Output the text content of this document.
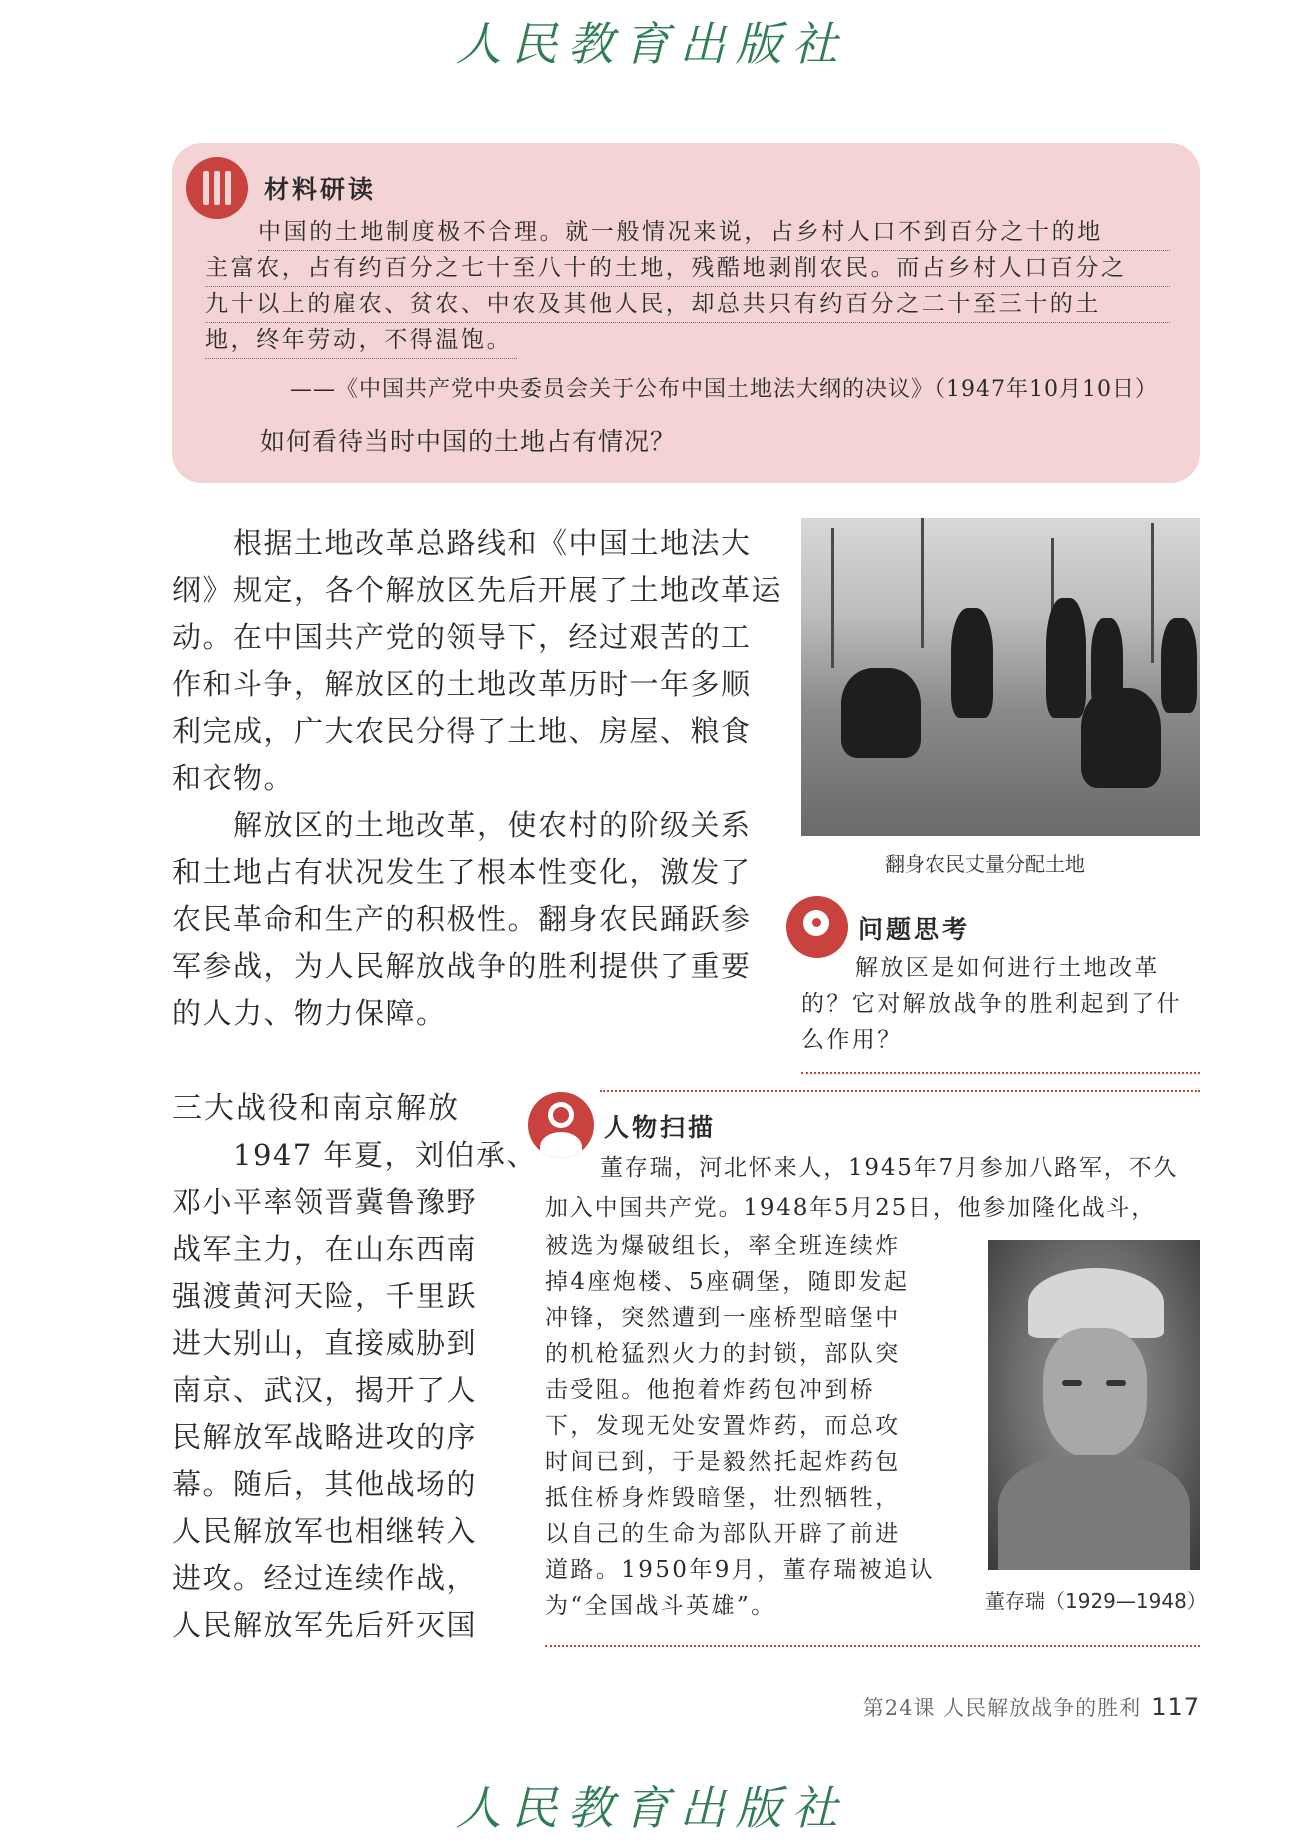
人民教育出版社
材料研读
中国的土地制度极不合理。就一般情况来说，占乡村人口不到百分之十的地
主富农，占有约百分之七十至八十的土地，残酷地剥削农民。而占乡村人口百分之
九十以上的雇农、贫农、中农及其他人民，却总共只有约百分之二十至三十的土
地，终年劳动，不得温饱。
——《中国共产党中央委员会关于公布中国土地法大纲的决议》（1947年10月10日）
如何看待当时中国的土地占有情况？
根据土地改革总路线和《中国土地法大
纲》规定，各个解放区先后开展了土地改革运
动。在中国共产党的领导下，经过艰苦的工
作和斗争，解放区的土地改革历时一年多顺
利完成，广大农民分得了土地、房屋、粮食
和衣物。
解放区的土地改革，使农村的阶级关系
和土地占有状况发生了根本性变化，激发了
农民革命和生产的积极性。翻身农民踊跃参
军参战，为人民解放战争的胜利提供了重要
的人力、物力保障。
翻身农民丈量分配土地
问题思考
解放区是如何进行土地改革
的？它对解放战争的胜利起到了什
么作用？
三大战役和南京解放
1947 年夏，刘伯承、
邓小平率领晋冀鲁豫野
战军主力，在山东西南
强渡黄河天险，千里跃
进大别山，直接威胁到
南京、武汉，揭开了人
民解放军战略进攻的序
幕。随后，其他战场的
人民解放军也相继转入
进攻。经过连续作战，
人民解放军先后歼灭国
人物扫描
董存瑞，河北怀来人，1945年7月参加八路军，不久
加入中国共产党。1948年5月25日，他参加隆化战斗，
被选为爆破组长，率全班连续炸
掉4座炮楼、5座碉堡，随即发起
冲锋，突然遭到一座桥型暗堡中
的机枪猛烈火力的封锁，部队突
击受阻。他抱着炸药包冲到桥
下，发现无处安置炸药，而总攻
时间已到，于是毅然托起炸药包
抵住桥身炸毁暗堡，壮烈牺牲，
以自己的生命为部队开辟了前进
道路。1950年9月，董存瑞被追认
为“全国战斗英雄”。	董存瑞（1929—1948）
第24课 人民解放战争的胜利 117
人民教育出版社
